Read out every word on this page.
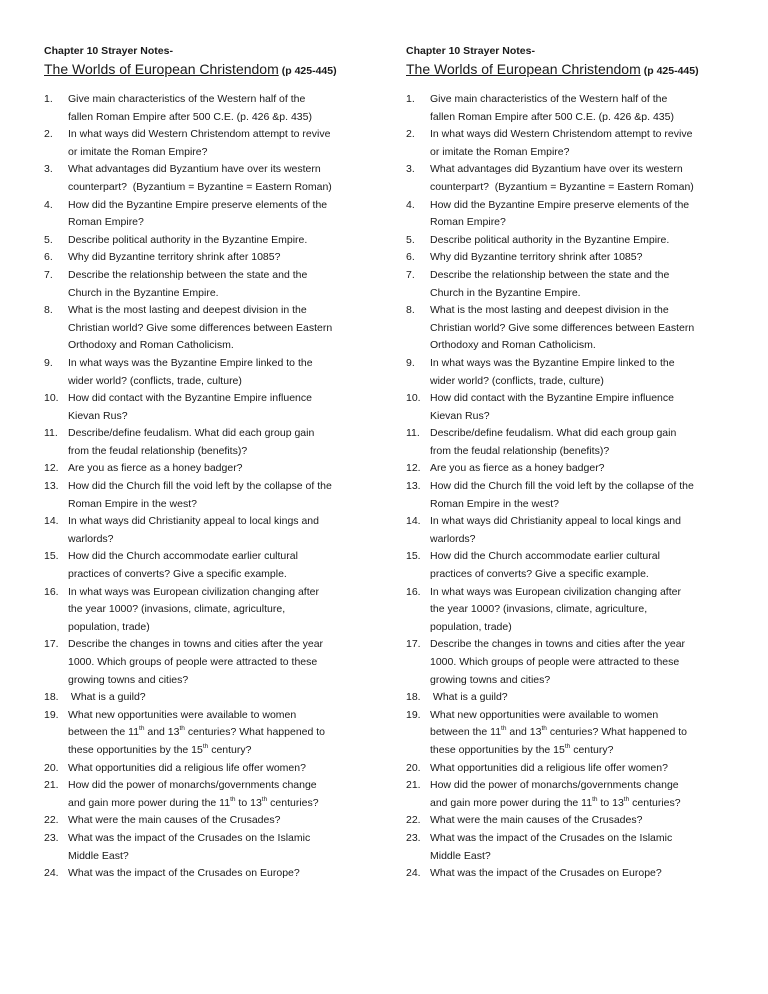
Chapter 10 Strayer Notes-
The Worlds of European Christendom (p 425-445)
1.	Give main characteristics of the Western half of the
fallen Roman Empire after 500 C.E. (p. 426 &p. 435)
2.	In what ways did Western Christendom attempt to revive
or imitate the Roman Empire?
3.	What advantages did Byzantium have over its western
counterpart?  (Byzantium = Byzantine = Eastern Roman)
4.	How did the Byzantine Empire preserve elements of the
Roman Empire?
5.	Describe political authority in the Byzantine Empire.
6.	Why did Byzantine territory shrink after 1085?
7.	Describe the relationship between the state and the
Church in the Byzantine Empire.
8.	What is the most lasting and deepest division in the
Christian world? Give some differences between Eastern
Orthodoxy and Roman Catholicism.
9.	In what ways was the Byzantine Empire linked to the
wider world? (conflicts, trade, culture)
10. How did contact with the Byzantine Empire influence
Kievan Rus?
11. Describe/define feudalism. What did each group gain
from the feudal relationship (benefits)?
12. Are you as fierce as a honey badger?
13. How did the Church fill the void left by the collapse of the
Roman Empire in the west?
14. In what ways did Christianity appeal to local kings and
warlords?
15. How did the Church accommodate earlier cultural
practices of converts? Give a specific example.
16. In what ways was European civilization changing after
the year 1000? (invasions, climate, agriculture,
population, trade)
17. Describe the changes in towns and cities after the year
1000. Which groups of people were attracted to these
growing towns and cities?
18. What is a guild?
19. What new opportunities were available to women
between the 11th and 13th centuries? What happened to
these opportunities by the 15th century?
20. What opportunities did a religious life offer women?
21. How did the power of monarchs/governments change
and gain more power during the 11th to 13th centuries?
22. What were the main causes of the Crusades?
23. What was the impact of the Crusades on the Islamic
Middle East?
24. What was the impact of the Crusades on Europe?
Chapter 10 Strayer Notes-
The Worlds of European Christendom (p 425-445)
1.	Give main characteristics of the Western half of the
fallen Roman Empire after 500 C.E. (p. 426 &p. 435)
2.	In what ways did Western Christendom attempt to revive
or imitate the Roman Empire?
3.	What advantages did Byzantium have over its western
counterpart?  (Byzantium = Byzantine = Eastern Roman)
4.	How did the Byzantine Empire preserve elements of the
Roman Empire?
5.	Describe political authority in the Byzantine Empire.
6.	Why did Byzantine territory shrink after 1085?
7.	Describe the relationship between the state and the
Church in the Byzantine Empire.
8.	What is the most lasting and deepest division in the
Christian world? Give some differences between Eastern
Orthodoxy and Roman Catholicism.
9.	In what ways was the Byzantine Empire linked to the
wider world? (conflicts, trade, culture)
10. How did contact with the Byzantine Empire influence
Kievan Rus?
11. Describe/define feudalism. What did each group gain
from the feudal relationship (benefits)?
12. Are you as fierce as a honey badger?
13. How did the Church fill the void left by the collapse of the
Roman Empire in the west?
14. In what ways did Christianity appeal to local kings and
warlords?
15. How did the Church accommodate earlier cultural
practices of converts? Give a specific example.
16. In what ways was European civilization changing after
the year 1000? (invasions, climate, agriculture,
population, trade)
17. Describe the changes in towns and cities after the year
1000. Which groups of people were attracted to these
growing towns and cities?
18. What is a guild?
19. What new opportunities were available to women
between the 11th and 13th centuries? What happened to
these opportunities by the 15th century?
20. What opportunities did a religious life offer women?
21. How did the power of monarchs/governments change
and gain more power during the 11th to 13th centuries?
22. What were the main causes of the Crusades?
23. What was the impact of the Crusades on the Islamic
Middle East?
24. What was the impact of the Crusades on Europe?
